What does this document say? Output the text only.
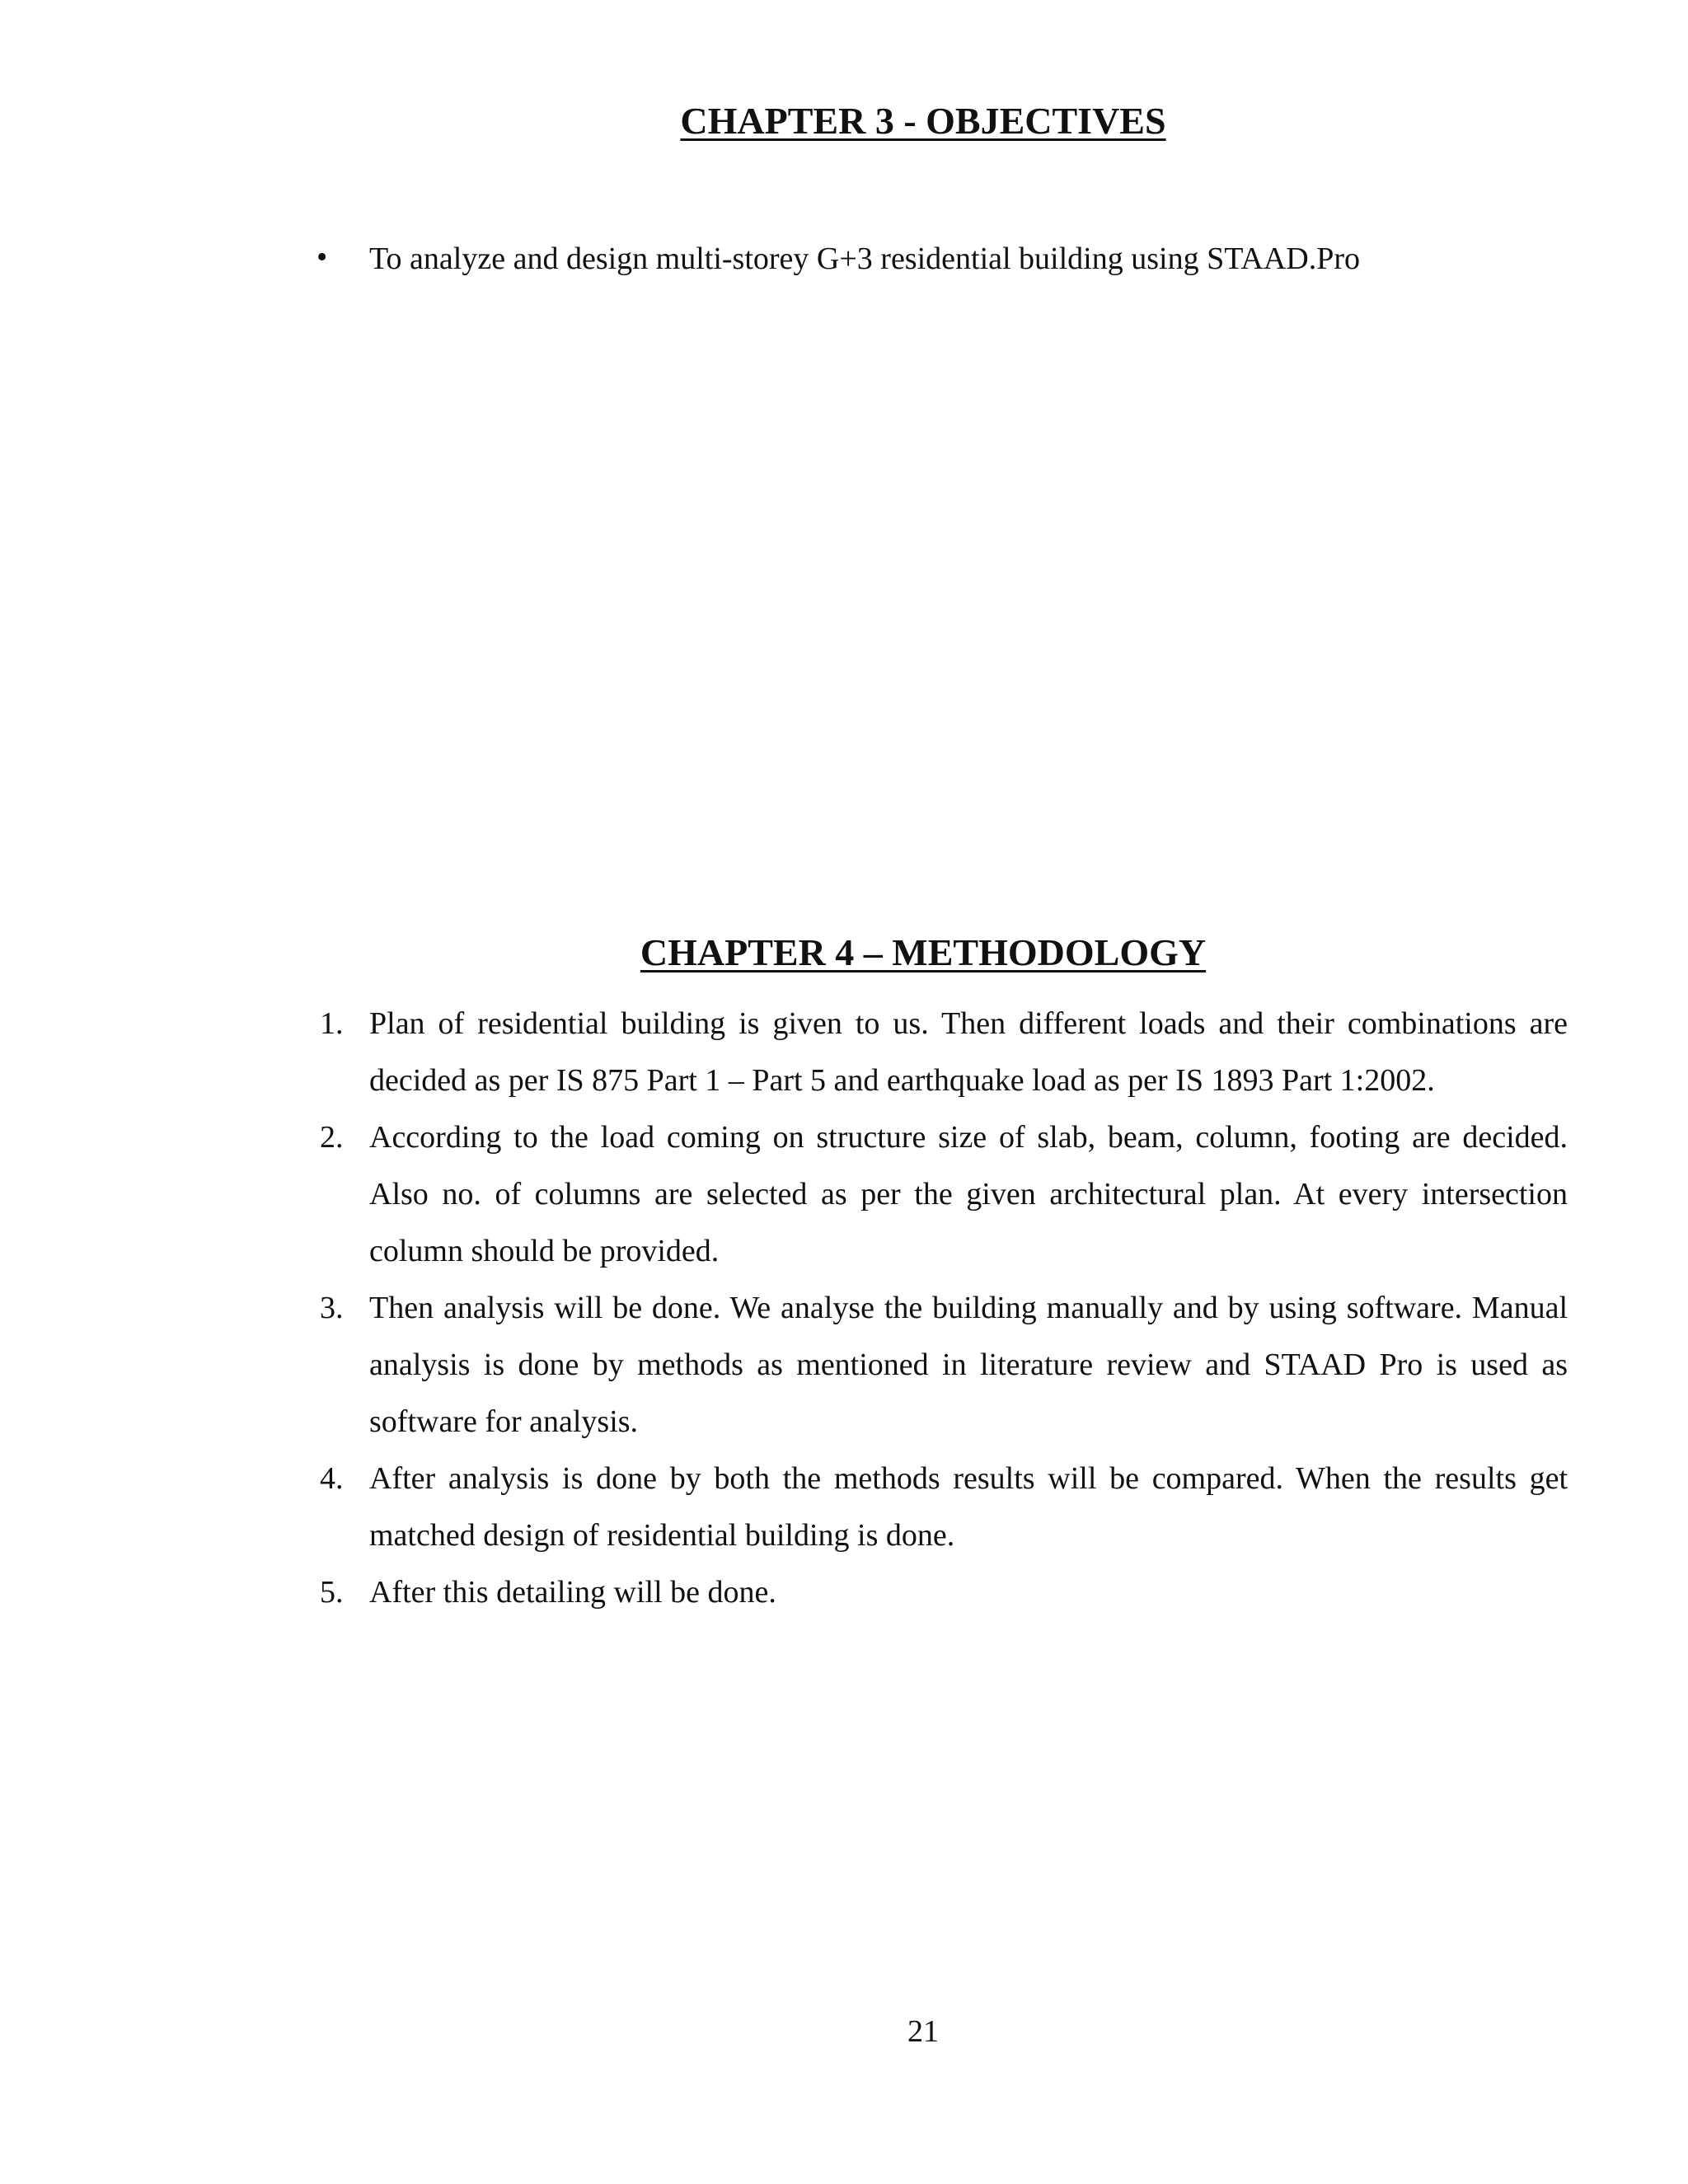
CHAPTER 3 - OBJECTIVES
• To analyze and design multi-storey G+3 residential building using STAAD.Pro
CHAPTER 4 – METHODOLOGY
1. Plan of residential building is given to us. Then different loads and their combinations are decided as per IS 875 Part 1 – Part 5 and earthquake load as per IS 1893 Part 1:2002.
2. According to the load coming on structure size of slab, beam, column, footing are decided. Also no. of columns are selected as per the given architectural plan. At every intersection column should be provided.
3. Then analysis will be done. We analyse the building manually and by using software. Manual analysis is done by methods as mentioned in literature review and STAAD Pro is used as software for analysis.
4. After analysis is done by both the methods results will be compared. When the results get matched design of residential building is done.
5. After this detailing will be done.
21
